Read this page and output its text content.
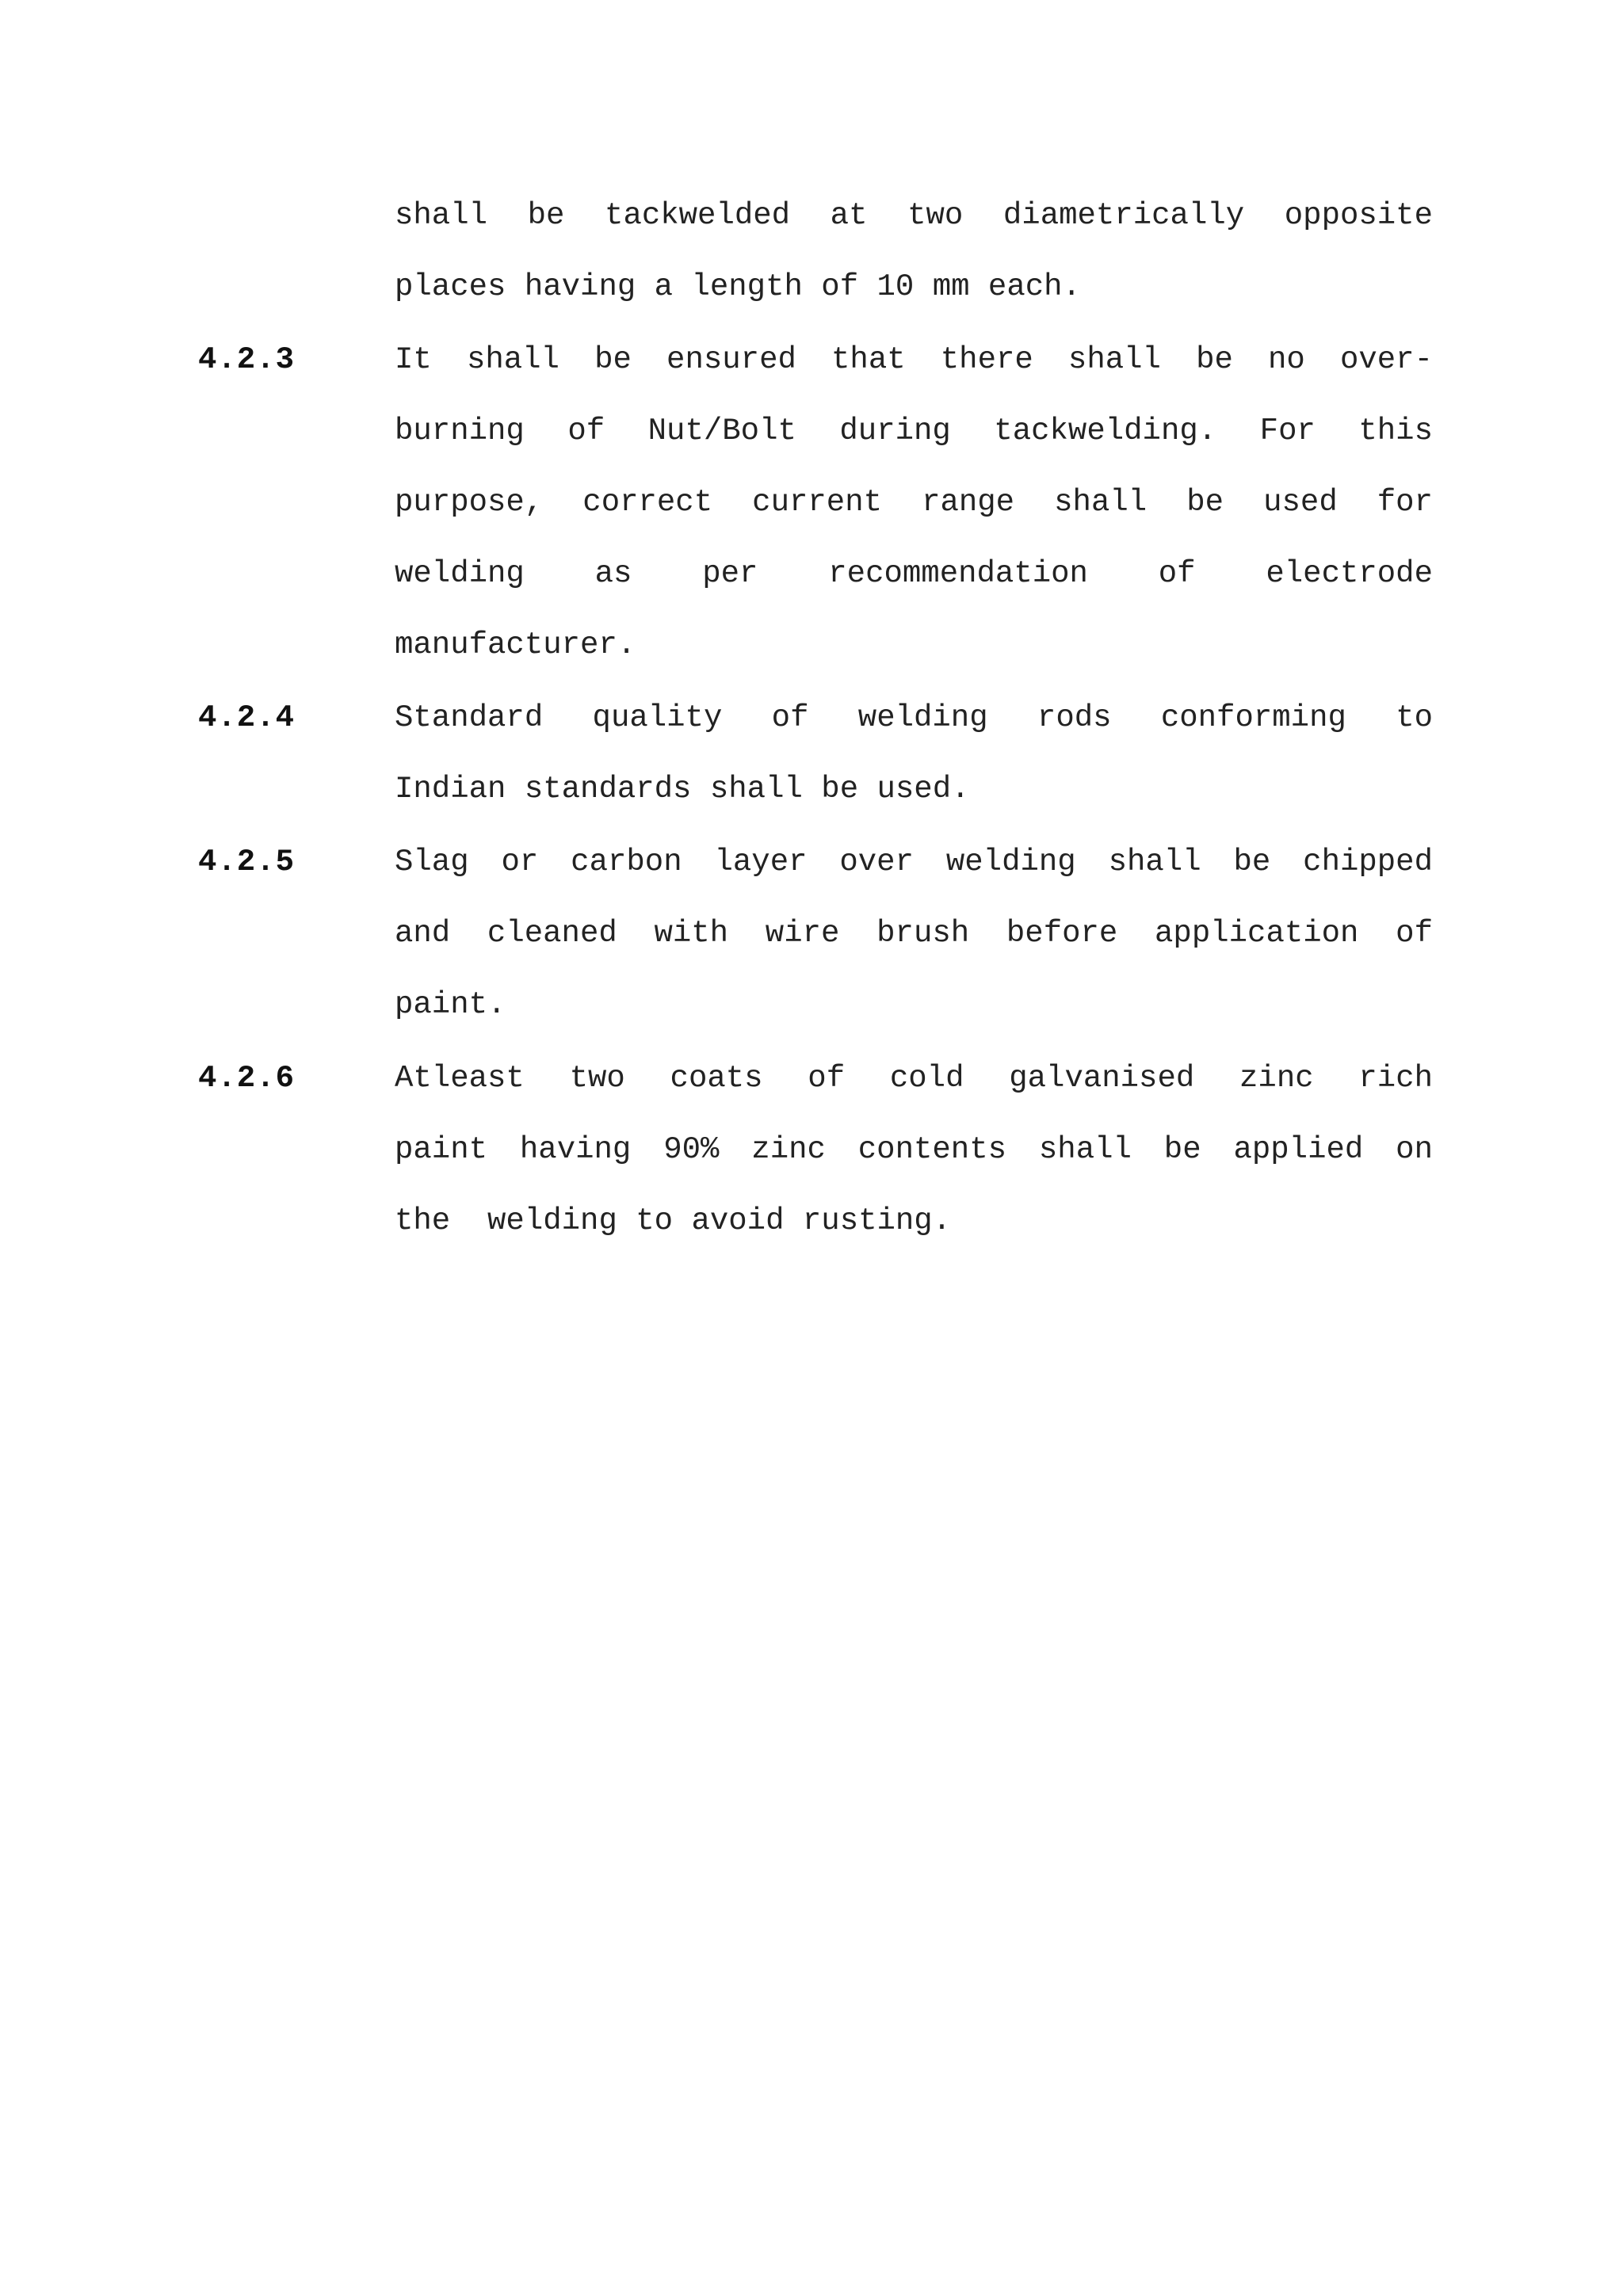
shall be tackwelded at two diametrically opposite
places having a length of 10 mm each.
4.2.3	It shall be ensured that there shall be no over-
burning of Nut/Bolt during tackwelding. For this
purpose, correct current range shall be used for
welding as per recommendation of electrode
manufacturer.
4.2.4	Standard quality of welding rods conforming to
Indian standards shall be used.
4.2.5	Slag or carbon layer over welding shall be chipped
and cleaned with wire brush before application of
paint.
4.2.6	Atleast two coats of cold galvanised zinc rich
paint having 90% zinc contents shall be applied on
the  welding to avoid rusting.
